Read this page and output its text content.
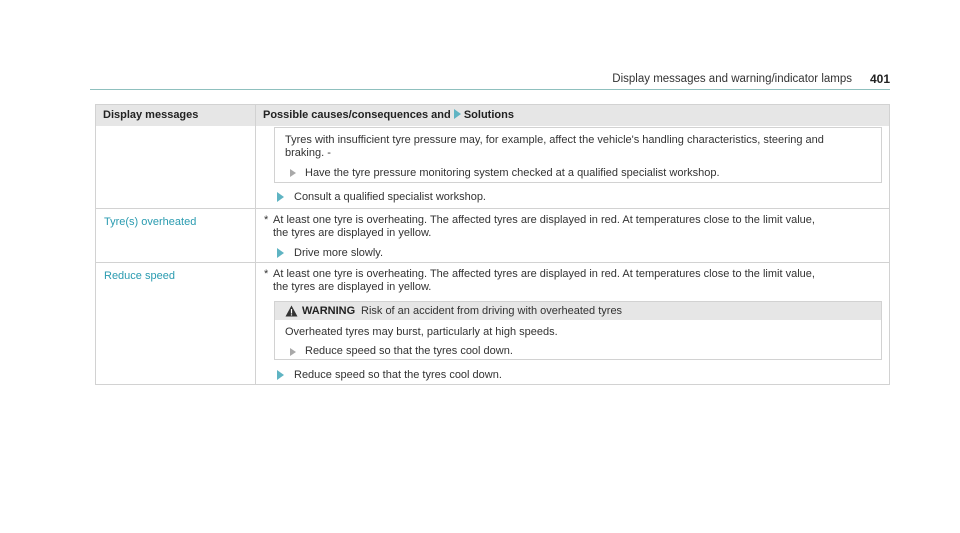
Display messages and warning/indicator lamps 401
Display messages	Possible causes/consequences and Solutions
Tyres with insufficient tyre pressure may, for example, affect the vehicle's handling characteristics, steering and
braking. -
Have the tyre pressure monitoring system checked at a qualified specialist workshop.
Consult a qualified specialist workshop.
Tyre(s) overheated	* At least one tyre is overheating. The affected tyres are displayed in red. At temperatures close to the limit value,
the tyres are displayed in yellow.
Drive more slowly.
Reduce speed	* At least one tyre is overheating. The affected tyres are displayed in red. At temperatures close to the limit value,
the tyres are displayed in yellow.
WARNING Risk of an accident from driving with overheated tyres
Overheated tyres may burst, particularly at high speeds.
Reduce speed so that the tyres cool down.
Reduce speed so that the tyres cool down.
